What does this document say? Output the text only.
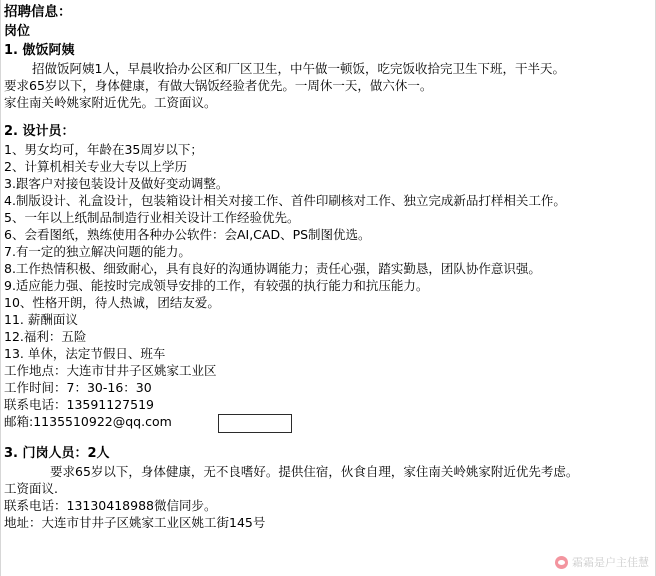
招聘信息：
岗位
1. 傲饭阿姨
招做饭阿姨1人，早晨收拾办公区和厂区卫生，中午做一顿饭，吃完饭收拾完卫生下班，干半天。
要求65岁以下，身体健康，有做大锅饭经验者优先。一周休一天，做六休一。
家住南关岭姚家附近优先。工资面议。
2. 设计员：
1、男女均可，年龄在35周岁以下；
2、计算机相关专业大专以上学历
3.跟客户对接包装设计及做好变动调整。
4.制版设计、礼盒设计，包装箱设计相关对接工作、首件印刷核对工作、独立完成新品打样相关工作。
5、一年以上纸制品制造行业相关设计工作经验优先。
6、会看图纸，熟练使用各种办公软件：会AI,CAD、PS制图优选。
7.有一定的独立解决问题的能力。
8.工作热情积极、细致耐心，具有良好的沟通协调能力；责任心强，踏实勤恳，团队协作意识强。
9.适应能力强、能按时完成领导安排的工作，有较强的执行能力和抗压能力。
10、性格开朗，待人热诚，团结友爱。
11. 薪酬面议
12.福利：五险
13. 单休，法定节假日、班车
工作地点：大连市甘井子区姚家工业区
工作时间：7：30-16：30
联系电话：13591127519
邮箱:1135510922@qq.com
3. 门岗人员：2人
要求65岁以下，身体健康，无不良嗜好。提供住宿，伙食自理，家住南关岭姚家附近优先考虑。
工资面议.
联系电话：13130418988微信同步。
地址：大连市甘井子区姚家工业区姚工街145号
霜霜是户主佳慧
